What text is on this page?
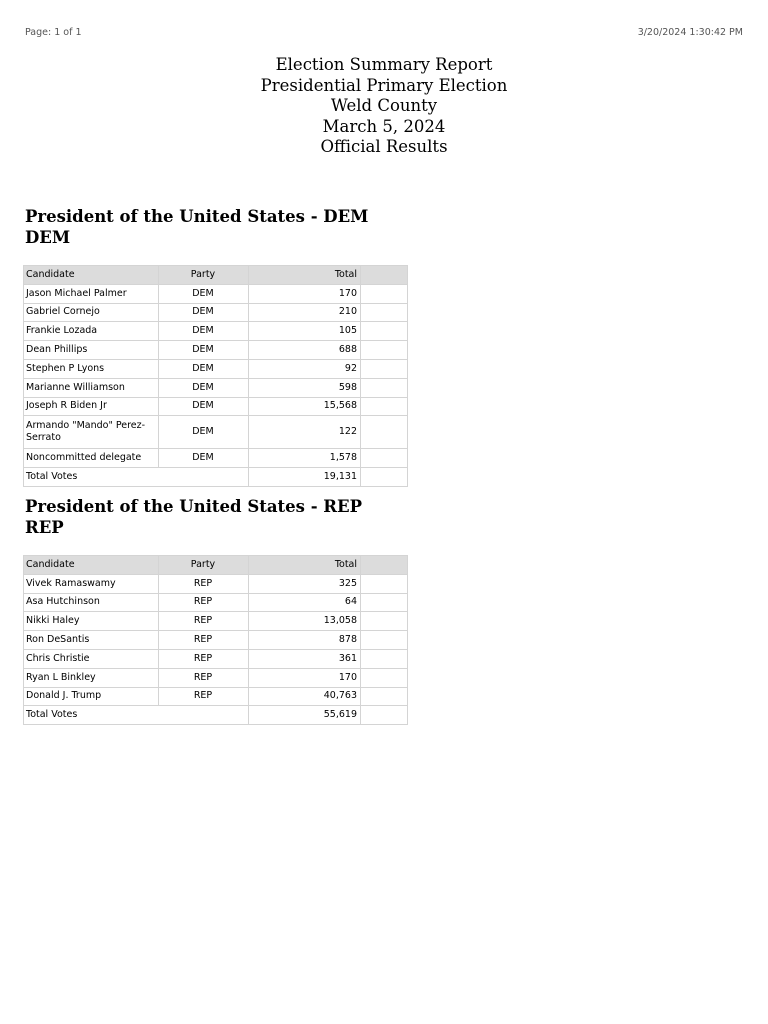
Page: 1 of 1	3/20/2024 1:30:42 PM
Election Summary Report
Presidential Primary Election
Weld County
March 5, 2024
Official Results
President of the United States - DEM
DEM
Candidate	Party	Total	
Jason Michael Palmer	DEM	170	
Gabriel Cornejo	DEM	210	
Frankie Lozada	DEM	105	
Dean Phillips	DEM	688	
Stephen P Lyons	DEM	92	
Marianne Williamson	DEM	598	
Joseph R Biden Jr	DEM	15,568	
Armando "Mando" Perez-Serrato	DEM	122	
Noncommitted delegate	DEM	1,578	
Total Votes		19,131	
President of the United States - REP
REP
Candidate	Party	Total	
Vivek Ramaswamy	REP	325	
Asa Hutchinson	REP	64	
Nikki Haley	REP	13,058	
Ron DeSantis	REP	878	
Chris Christie	REP	361	
Ryan L Binkley	REP	170	
Donald J. Trump	REP	40,763	
Total Votes		55,619	
